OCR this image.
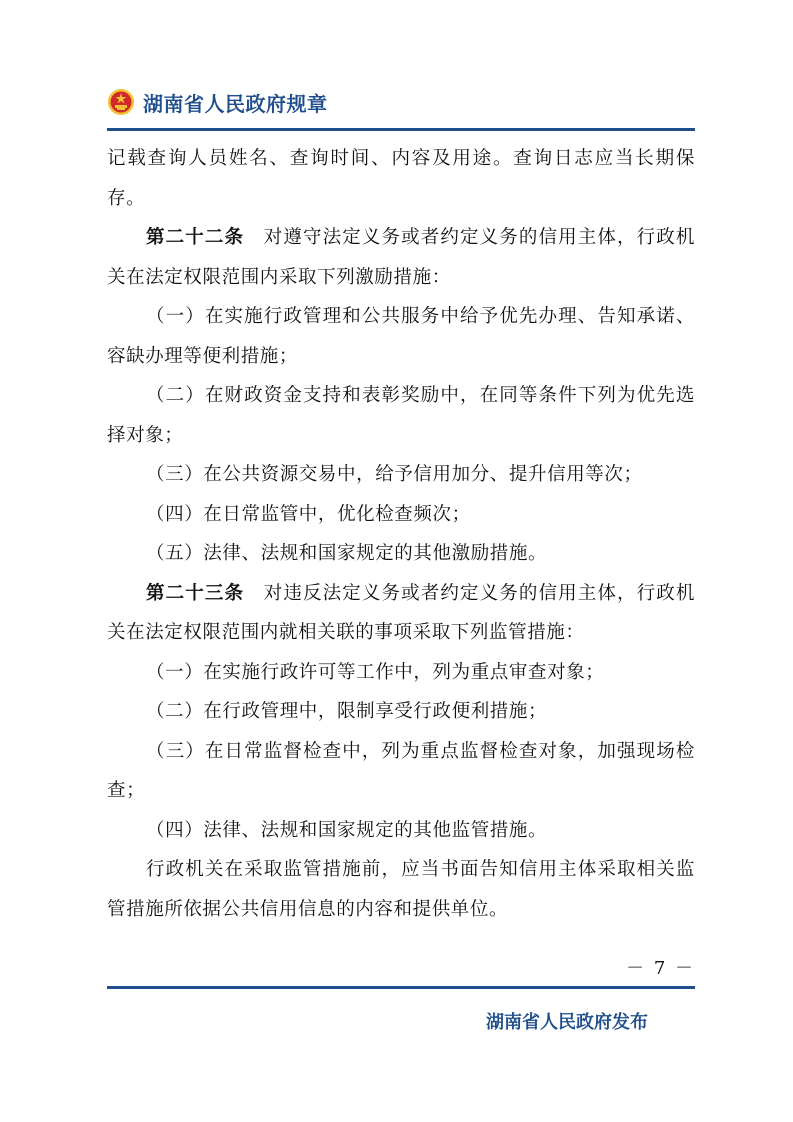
湖南省人民政府规章

记载查询人员姓名、查询时间、内容及用途。查询日志应当长期保存。

第二十二条　对遵守法定义务或者约定义务的信用主体，行政机关在法定权限范围内采取下列激励措施：

（一）在实施行政管理和公共服务中给予优先办理、告知承诺、容缺办理等便利措施；

（二）在财政资金支持和表彰奖励中，在同等条件下列为优先选择对象；

（三）在公共资源交易中，给予信用加分、提升信用等次；

（四）在日常监管中，优化检查频次；

（五）法律、法规和国家规定的其他激励措施。

第二十三条　对违反法定义务或者约定义务的信用主体，行政机关在法定权限范围内就相关联的事项采取下列监管措施：

（一）在实施行政许可等工作中，列为重点审查对象；

（二）在行政管理中，限制享受行政便利措施；

（三）在日常监督检查中，列为重点监督检查对象，加强现场检查；

（四）法律、法规和国家规定的其他监管措施。

行政机关在采取监管措施前，应当书面告知信用主体采取相关监管措施所依据公共信用信息的内容和提供单位。

－ 7 －
湖南省人民政府发布
